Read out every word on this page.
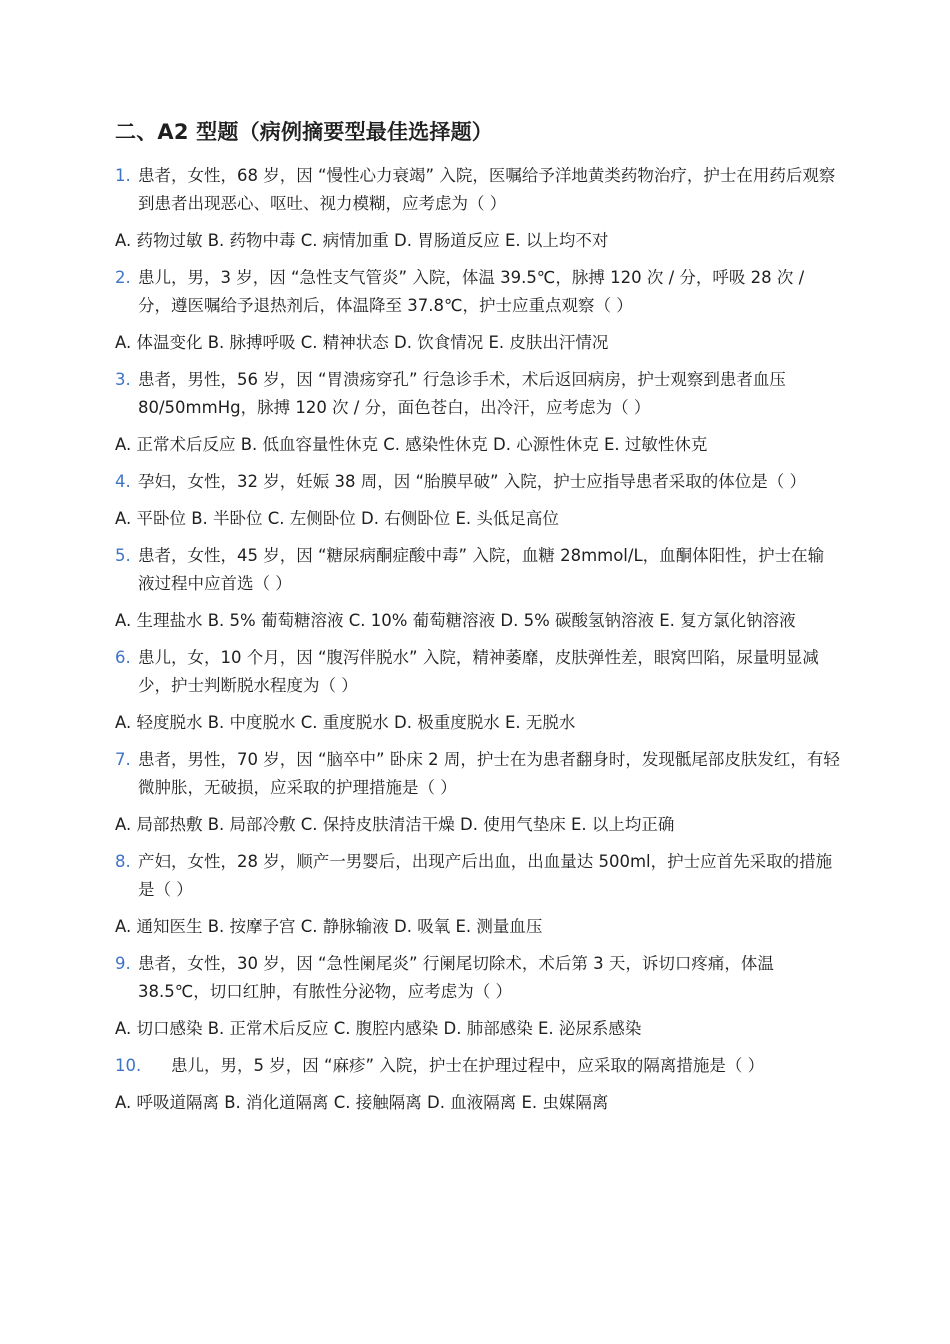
二、A2 型题（病例摘要型最佳选择题）
1. 患者，女性，68 岁，因 “慢性心力衰竭” 入院，医嘱给予洋地黄类药物治疗，护士在用药后观察到患者出现恶心、呕吐、视力模糊，应考虑为（ ）
A. 药物过敏 B. 药物中毒 C. 病情加重 D. 胃肠道反应 E. 以上均不对
2. 患儿，男，3 岁，因 “急性支气管炎” 入院，体温 39.5℃，脉搏 120 次 / 分，呼吸 28 次 / 分，遵医嘱给予退热剂后，体温降至 37.8℃，护士应重点观察（ ）
A. 体温变化 B. 脉搏呼吸 C. 精神状态 D. 饮食情况 E. 皮肤出汗情况
3. 患者，男性，56 岁，因 “胃溃疡穿孔” 行急诊手术，术后返回病房，护士观察到患者血压 80/50mmHg，脉搏 120 次 / 分，面色苍白，出冷汗，应考虑为（ ）
A. 正常术后反应 B. 低血容量性休克 C. 感染性休克 D. 心源性休克 E. 过敏性休克
4. 孕妇，女性，32 岁，妊娠 38 周，因 “胎膜早破” 入院，护士应指导患者采取的体位是（ ）
A. 平卧位 B. 半卧位 C. 左侧卧位 D. 右侧卧位 E. 头低足高位
5. 患者，女性，45 岁，因 “糖尿病酮症酸中毒” 入院，血糖 28mmol/L，血酮体阳性，护士在输液过程中应首选（ ）
A. 生理盐水 B. 5% 葡萄糖溶液 C. 10% 葡萄糖溶液 D. 5% 碳酸氢钠溶液 E. 复方氯化钠溶液
6. 患儿，女，10 个月，因 “腹泻伴脱水” 入院，精神萎靡，皮肤弹性差，眼窝凹陷，尿量明显减少，护士判断脱水程度为（ ）
A. 轻度脱水 B. 中度脱水 C. 重度脱水 D. 极重度脱水 E. 无脱水
7. 患者，男性，70 岁，因 “脑卒中” 卧床 2 周，护士在为患者翻身时，发现骶尾部皮肤发红，有轻微肿胀，无破损，应采取的护理措施是（ ）
A. 局部热敷 B. 局部冷敷 C. 保持皮肤清洁干燥 D. 使用气垫床 E. 以上均正确
8. 产妇，女性，28 岁，顺产一男婴后，出现产后出血，出血量达 500ml，护士应首先采取的措施是（ ）
A. 通知医生 B. 按摩子宫 C. 静脉输液 D. 吸氧 E. 测量血压
9. 患者，女性，30 岁，因 “急性阑尾炎” 行阑尾切除术，术后第 3 天，诉切口疼痛，体温 38.5℃，切口红肿，有脓性分泌物，应考虑为（ ）
A. 切口感染 B. 正常术后反应 C. 腹腔内感染 D. 肺部感染 E. 泌尿系感染
10.	患儿，男，5 岁，因 “麻疹” 入院，护士在护理过程中，应采取的隔离措施是（ ）
A. 呼吸道隔离 B. 消化道隔离 C. 接触隔离 D. 血液隔离 E. 虫媒隔离
